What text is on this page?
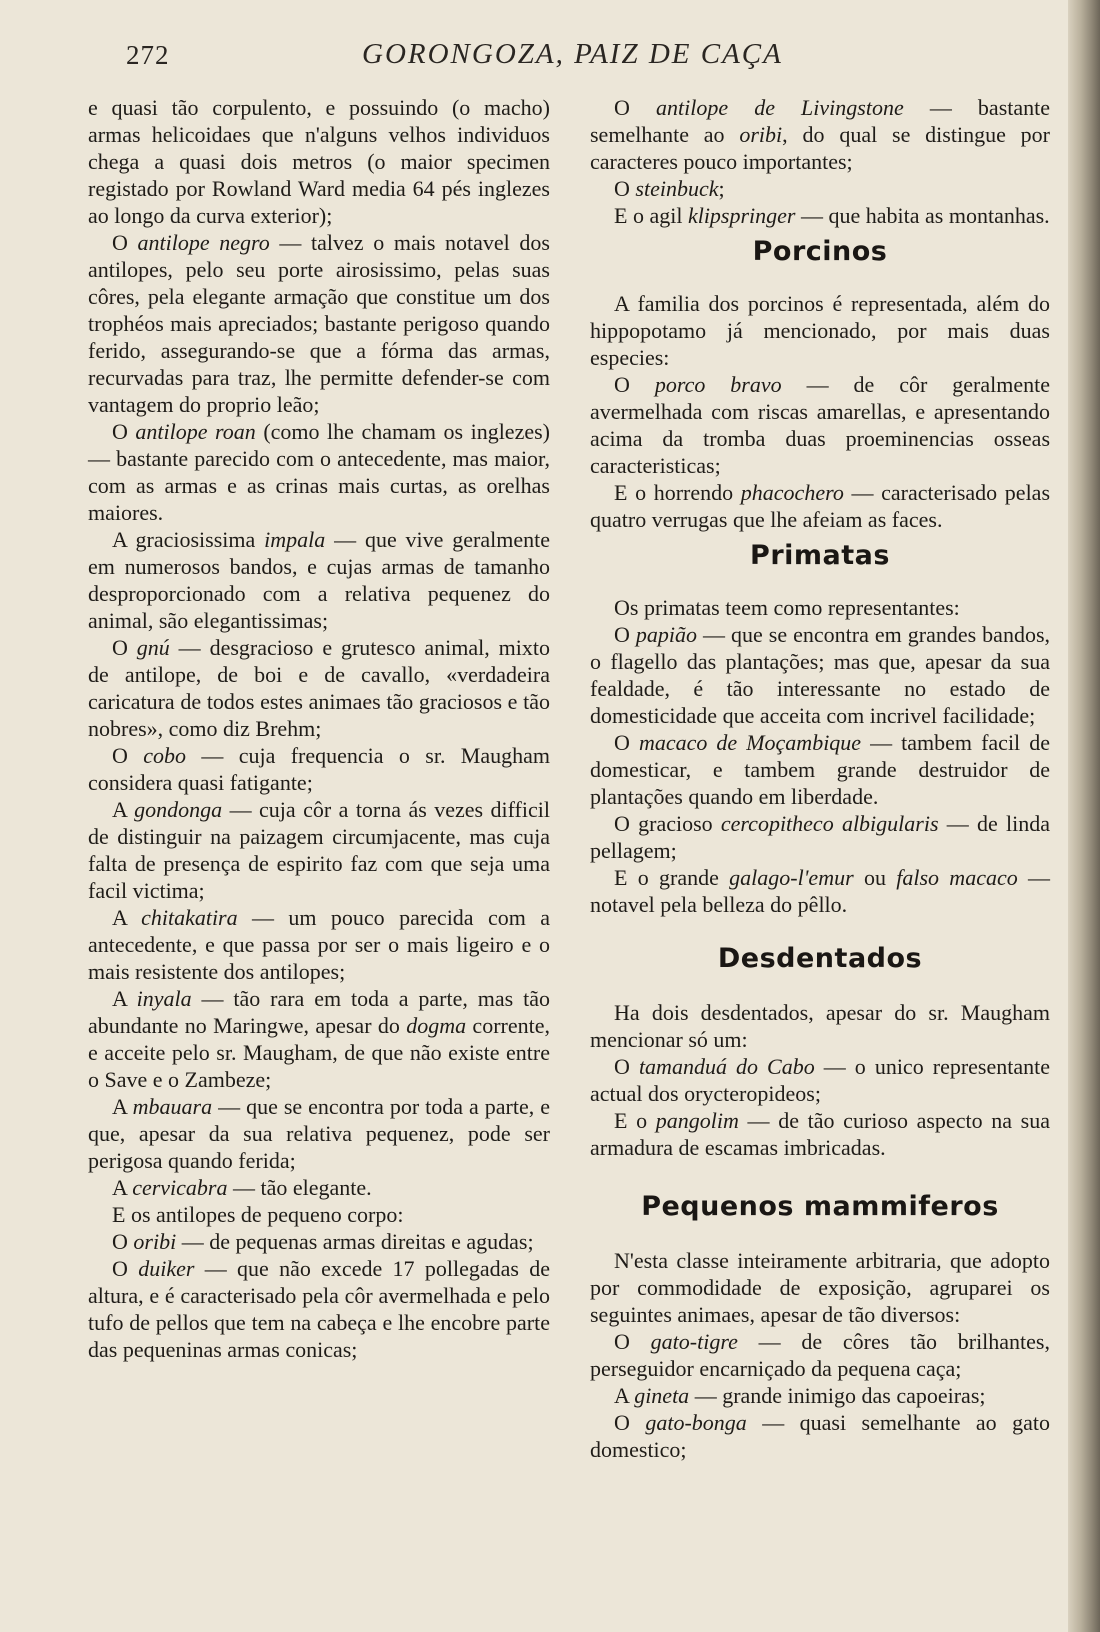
272	GORONGOZA, PAIZ DE CAÇA

e quasi tão corpulento, e possuindo (o macho) armas helicoidaes que n'alguns velhos individuos chega a quasi dois metros (o maior specimen registado por Rowland Ward media 64 pés inglezes ao longo da curva exterior);

O antilope negro — talvez o mais notavel dos antilopes, pelo seu porte airosissimo, pelas suas côres, pela elegante armação que constitue um dos trophéos mais apreciados; bastante perigoso quando ferido, assegurando-se que a fórma das armas, recurvadas para traz, lhe permitte defender-se com vantagem do proprio leão;

O antilope roan (como lhe chamam os inglezes) — bastante parecido com o antecedente, mas maior, com as armas e as crinas mais curtas, as orelhas maiores.

A graciosissima impala — que vive geralmente em numerosos bandos, e cujas armas de tamanho desproporcionado com a relativa pequenez do animal, são elegantissimas;

O gnú — desgracioso e grutesco animal, mixto de antilope, de boi e de cavallo, «verdadeira caricatura de todos estes animaes tão graciosos e tão nobres», como diz Brehm;

O cobo — cuja frequencia o sr. Maugham considera quasi fatigante;

A gondonga — cuja côr a torna ás vezes difficil de distinguir na paizagem circumjacente, mas cuja falta de presença de espirito faz com que seja uma facil victima;

A chitakatira — um pouco parecida com a antecedente, e que passa por ser o mais ligeiro e o mais resistente dos antilopes;

A inyala — tão rara em toda a parte, mas tão abundante no Maringwe, apesar do dogma corrente, e acceite pelo sr. Maugham, de que não existe entre o Save e o Zambeze;

A mbauara — que se encontra por toda a parte, e que, apesar da sua relativa pequenez, pode ser perigosa quando ferida;

A cervicabra — tão elegante.

E os antilopes de pequeno corpo:

O oribi — de pequenas armas direitas e agudas;

O duiker — que não excede 17 pollegadas de altura, e é caracterisado pela côr avermelhada e pelo tufo de pellos que tem na cabeça e lhe encobre parte das pequeninas armas conicas;

O antilope de Livingstone — bastante semelhante ao oribi, do qual se distingue por caracteres pouco importantes;

O steinbuck;

E o agil klipspringer — que habita as montanhas.

Porcinos

A familia dos porcinos é representada, além do hippopotamo já mencionado, por mais duas especies:

O porco bravo — de côr geralmente avermelhada com riscas amarellas, e apresentando acima da tromba duas proeminencias osseas caracteristicas;

E o horrendo phacochero — caracterisado pelas quatro verrugas que lhe afeiam as faces.

Primatas

Os primatas teem como representantes:

O papião — que se encontra em grandes bandos, o flagello das plantações; mas que, apesar da sua fealdade, é tão interessante no estado de domesticidade que acceita com incrivel facilidade;

O macaco de Moçambique — tambem facil de domesticar, e tambem grande destruidor de plantações quando em liberdade.

O gracioso cercopitheco albigularis — de linda pellagem;

E o grande galago-l'emur ou falso macaco — notavel pela belleza do pêllo.

Desdentados

Ha dois desdentados, apesar do sr. Maugham mencionar só um:

O tamanduá do Cabo — o unico representante actual dos orycteropideos;

E o pangolim — de tão curioso aspecto na sua armadura de escamas imbricadas.

Pequenos mammiferos

N'esta classe inteiramente arbitraria, que adopto por commodidade de exposição, agruparei os seguintes animaes, apesar de tão diversos:

O gato-tigre — de côres tão brilhantes, perseguidor encarniçado da pequena caça;

A gineta — grande inimigo das capoeiras;

O gato-bonga — quasi semelhante ao gato domestico;
